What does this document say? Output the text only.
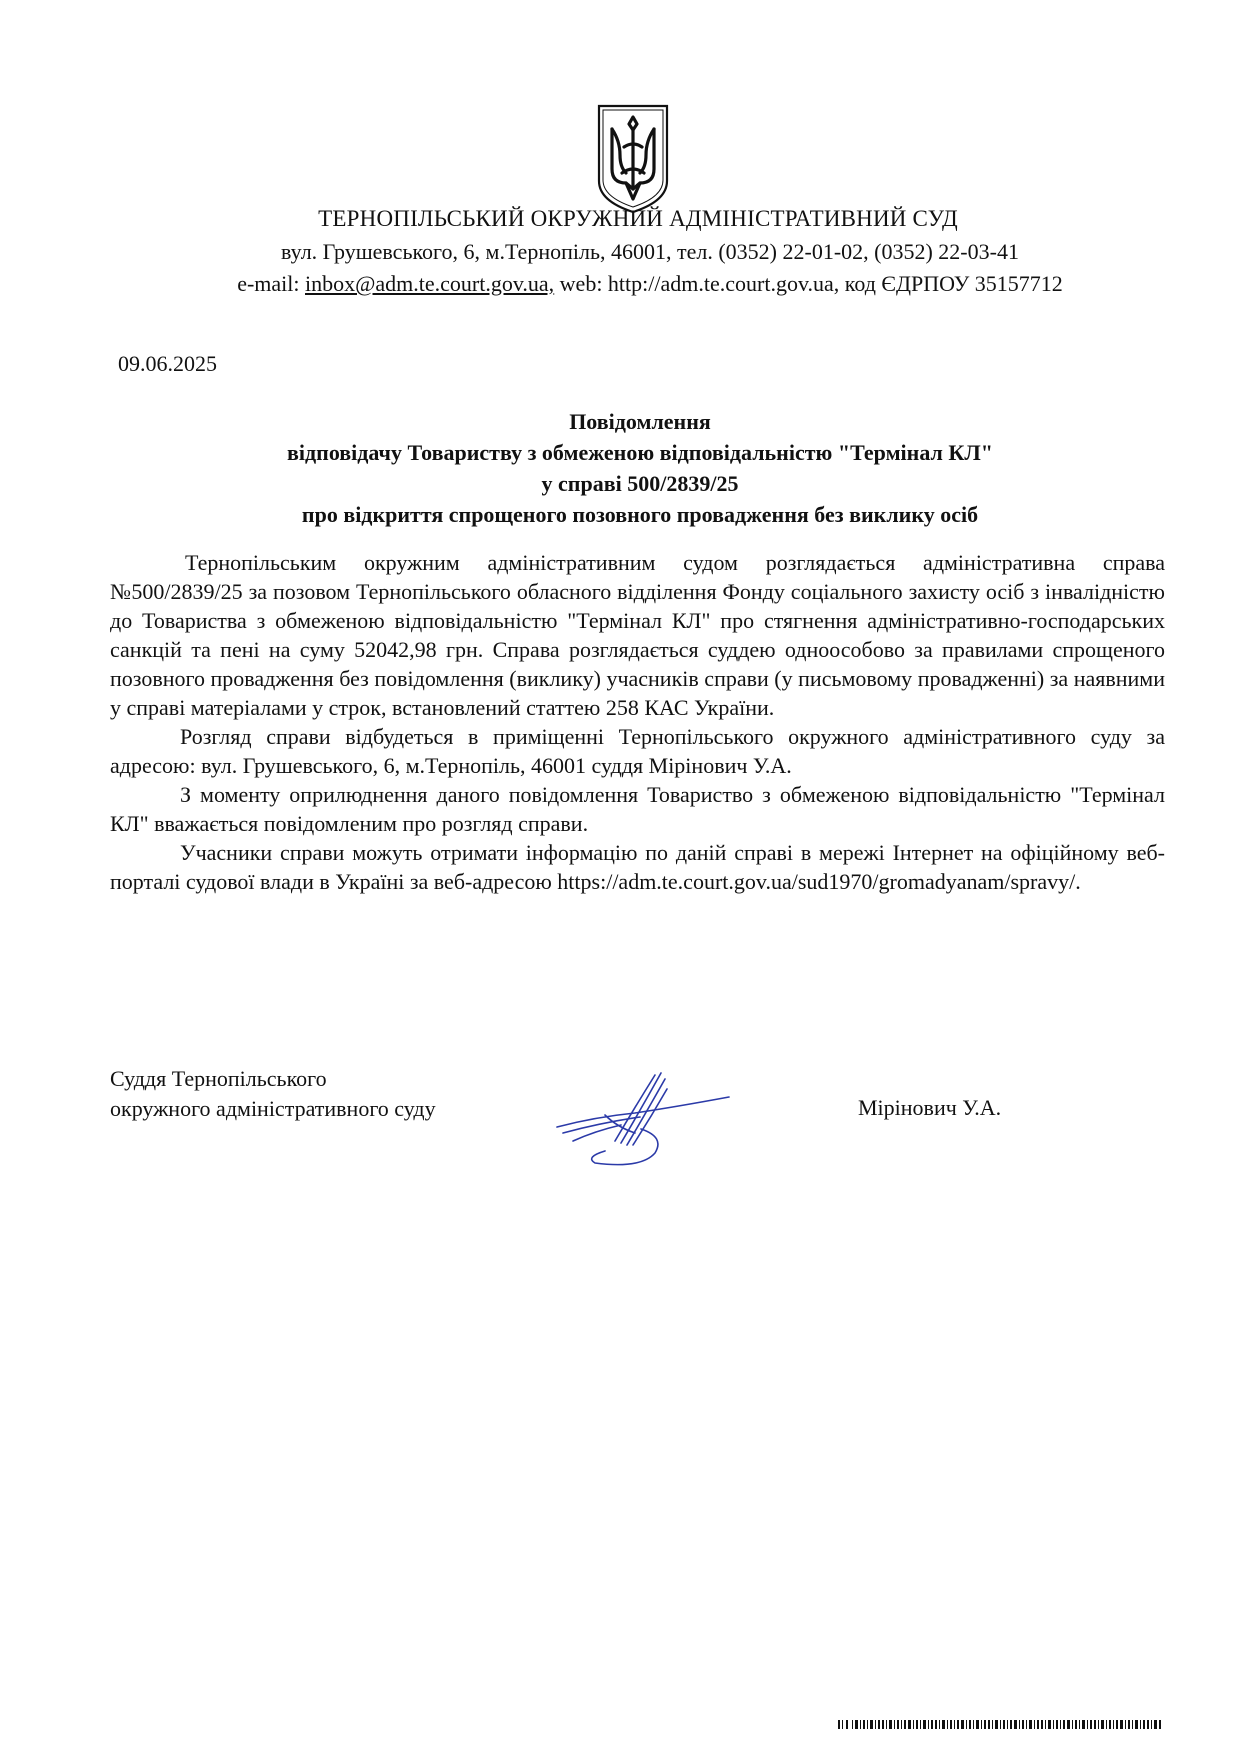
ТЕРНОПІЛЬСЬКИЙ ОКРУЖНИЙ АДМІНІСТРАТИВНИЙ СУД
вул. Грушевського, 6, м.Тернопіль, 46001, тел. (0352) 22-01-02, (0352) 22-03-41
e-mail: inbox@adm.te.court.gov.ua, web: http://adm.te.court.gov.ua, код ЄДРПОУ 35157712
09.06.2025
Повідомлення
відповідачу Товариству з обмеженою відповідальністю "Термінал КЛ"
у справі 500/2839/25
про відкриття спрощеного позовного провадження без виклику осіб

Тернопільським окружним адміністративним судом розглядається адміністративна справа №500/2839/25 за позовом Тернопільського обласного відділення Фонду соціального захисту осіб з інвалідністю до Товариства з обмеженою відповідальністю "Термінал КЛ" про стягнення адміністративно-господарських санкцій та пені на суму 52042,98 грн. Справа розглядається суддею одноособово за правилами спрощеного позовного провадження без повідомлення (виклику) учасників справи (у письмовому провадженні) за наявними у справі матеріалами у строк, встановлений статтею 258 КАС України.

Розгляд справи відбудеться в приміщенні Тернопільського окружного адміністративного суду за адресою: вул. Грушевського, 6, м.Тернопіль, 46001 суддя Мірінович У.А.

З моменту оприлюднення даного повідомлення Товариство з обмеженою відповідальністю "Термінал КЛ" вважається повідомленим про розгляд справи.

Учасники справи можуть отримати інформацію по даній справі в мережі Інтернет на офіційному веб-порталі судової влади в Україні за веб-адресою https://adm.te.court.gov.ua/sud1970/gromadyanam/spravy/.

Суддя Тернопільського
окружного адміністративного суду	Мірінович У.А.
